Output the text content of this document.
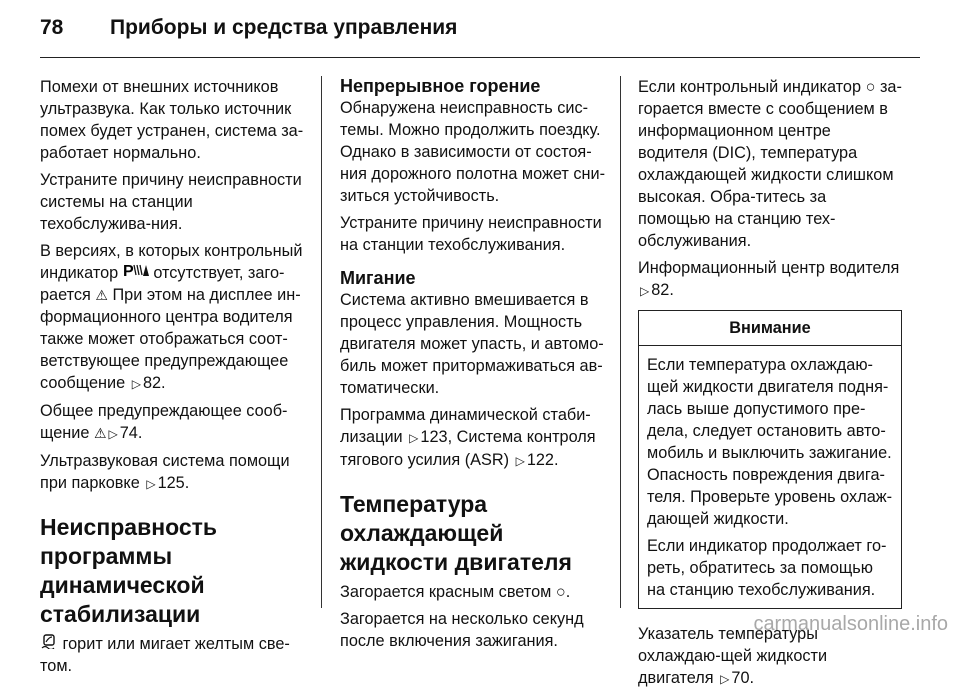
78 Приборы и средства управления

Помехи от внешних источников ультразвука. Как только источник помех будет устранен, система за-работает нормально.

Устраните причину неисправности системы на станции техобслужива-ния.

В версиях, в которых контрольный индикатор P отсутствует, заго-рается ⚠ При этом на дисплее ин-формационного центра водителя также может отображаться соот-ветствующее предупреждающее сообщение ▷ 82.

Общее предупреждающее сооб-щение ⚠ ▷ 74.

Ультразвуковая система помощи при парковке ▷ 125.

Неисправность программы динамической стабилизации

горит или мигает желтым све-том.

Непрерывное горение

Обнаружена неисправность сис-темы. Можно продолжить поездку. Однако в зависимости от состоя-ния дорожного полотна может сни-зиться устойчивость.

Устраните причину неисправности на станции техобслуживания.

Мигание

Система активно вмешивается в процесс управления. Мощность двигателя может упасть, и автомо-биль может притормаживаться ав-томатически.

Программа динамической стаби-лизации ▷ 123, Система контроля тягового усилия (ASR) ▷ 122.

Температура охлаждающей жидкости двигателя

Загорается красным светом ○.

Загорается на несколько секунд после включения зажигания.

Если контрольный индикатор ○ за-горается вместе с сообщением в информационном центре водителя (DIC), температура охлаждающей жидкости слишком высокая. Обра-титесь за помощью на станцию тех-обслуживания.

Информационный центр водителя ▷ 82.

Внимание

Если температура охлаждаю-щей жидкости двигателя подня-лась выше допустимого пре-дела, следует остановить авто-мобиль и выключить зажигание. Опасность повреждения двига-теля. Проверьте уровень охлаж-дающей жидкости.

Если индикатор продолжает го-реть, обратитесь за помощью на станцию техобслуживания.

Указатель температуры охлаждаю-щей жидкости двигателя ▷ 70.

carmanualsonline.info
